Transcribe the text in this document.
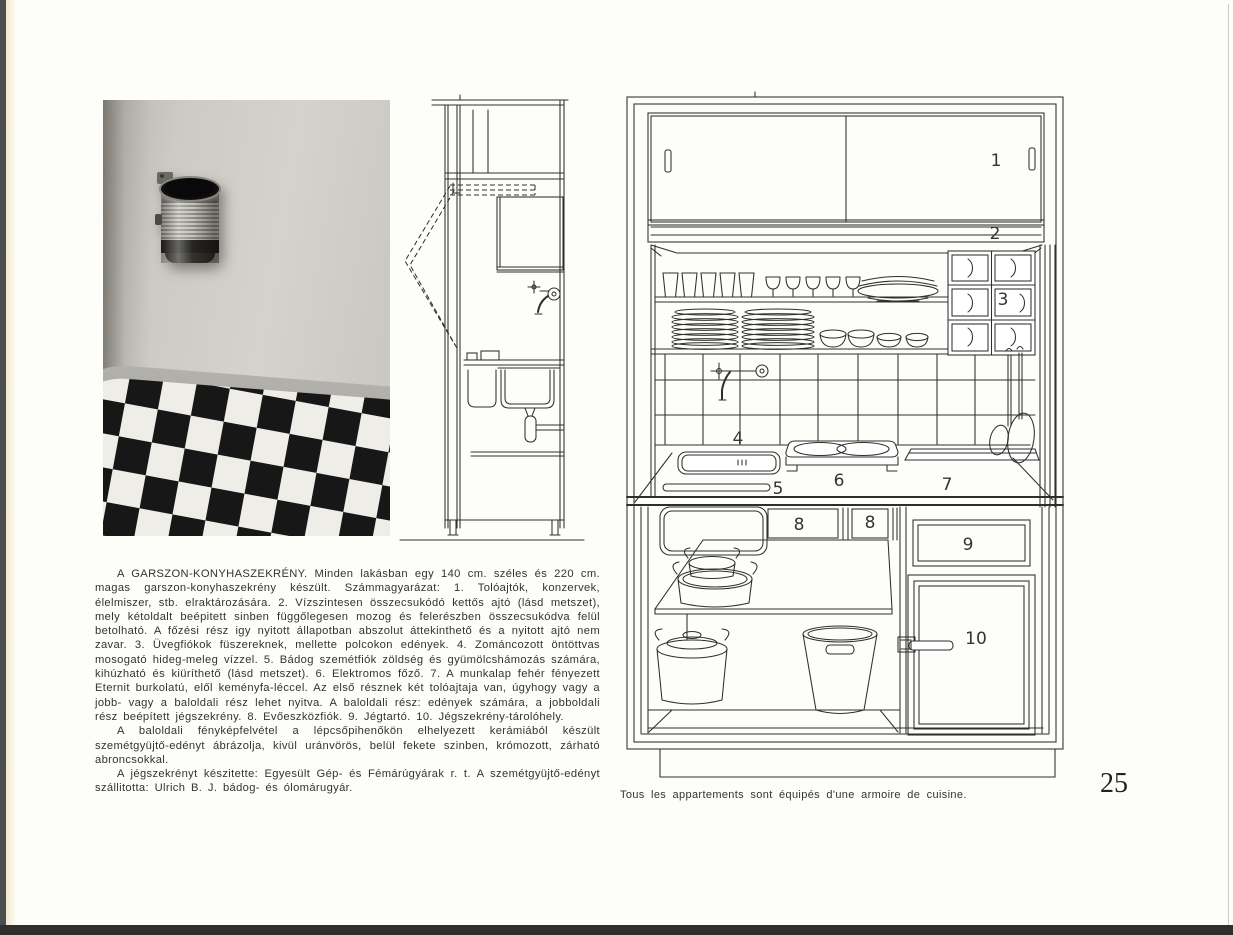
1
2
3
4
5	6	7
8	8
9
10

A GARSZON-KONYHASZEKRÉNY. Minden lakásban egy 140 cm. széles és 220 cm. magas garszon-konyhaszekrény készült. Számmagyarázat: 1. Tolóajtók, konzervek, élelmiszer, stb. elraktározására. 2. Vízszintesen összecsukódó kettős ajtó (lásd metszet), mely kétoldalt beépitett sinben függőlegesen mozog és felerészben összecsukódva felül betolható. A főzési rész igy nyitott állapotban abszolut áttekinthető és a nyitott ajtó nem zavar. 3. Üvegfiókok füszereknek, mellette polcokon edények. 4. Zománcozott öntöttvas mosogató hideg-meleg vízzel. 5. Bádog szemétfiók zöldség és gyümölcshámozás számára, kihúzható és kiüríthető (lásd metszet). 6. Elektromos főző. 7. A munkalap fehér fényezett Eternit burkolatú, elől keményfa-léccel. Az első résznek két tolóajtaja van, úgyhogy vagy a jobb- vagy a baloldali rész lehet nyitva. A baloldali rész: edények számára, a jobboldali rész beépített jégszekrény. 8. Evőeszközfiók. 9. Jégtartó. 10. Jégszekrény-tárolóhely.

A baloldali fényképfelvétel a lépcsőpihenőkön elhelyezett kerámiából készült szemétgyüjtő-edényt ábrázolja, kivül uránvörös, belül fekete szinben, krómozott, zárható abroncsokkal.

A jégszekrényt készitette: Egyesült Gép- és Fémárúgyárak r. t. A szemétgyüjtő-edényt szállitotta: Ulrich B. J. bádog- és ólomárugyár.

Tous les appartements sont équipés d'une armoire de cuisine.	25
